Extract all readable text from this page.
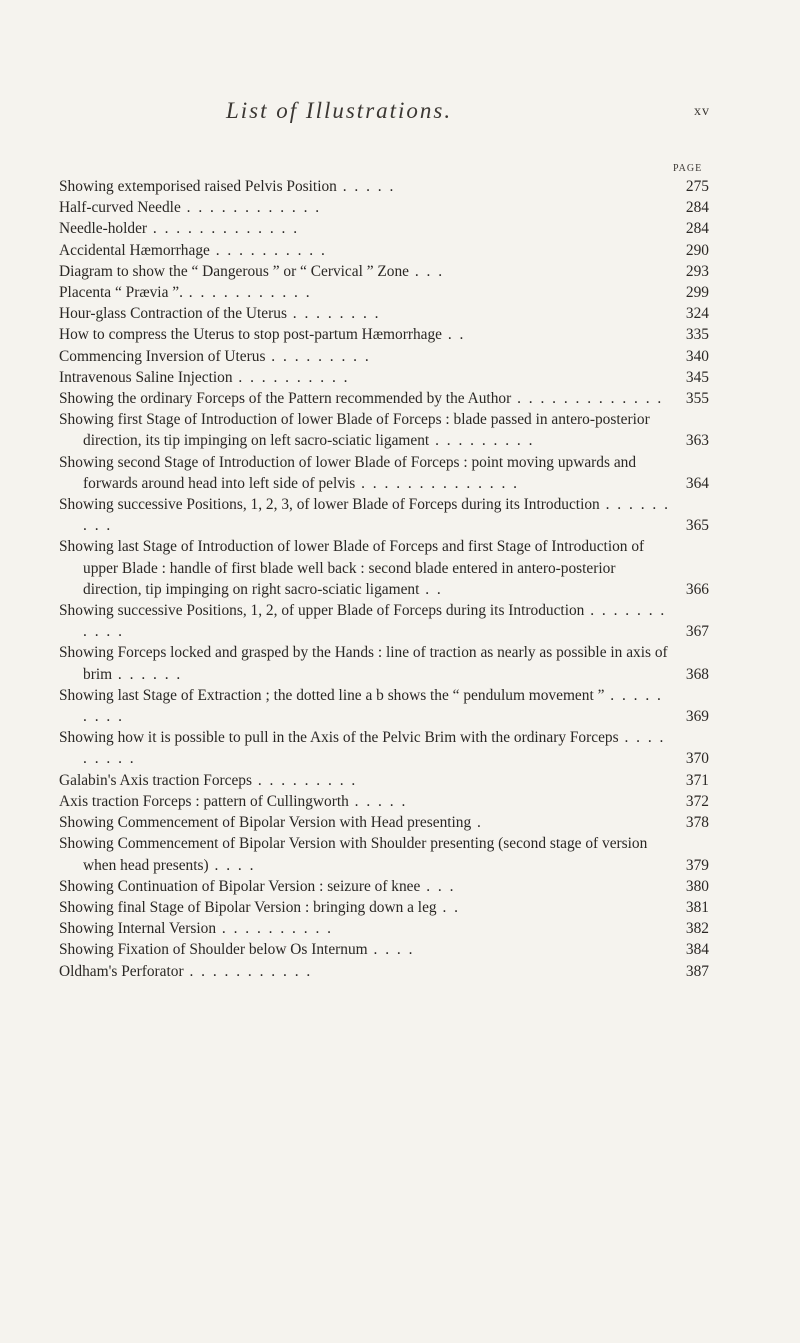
List of Illustrations.	xv
PAGE
Showing extemporised raised Pelvis Position . . . . .	275
Half-curved Needle . . . . . . . . . . . .	284
Needle-holder . . . . . . . . . . . . .	284
Accidental Hæmorrhage . . . . . . . . . .	290
Diagram to show the “ Dangerous ” or “ Cervical ” Zone . . .	293
Placenta “ Prævia ”. . . . . . . . . . . .	299
Hour-glass Contraction of the Uterus . . . . . . . .	324
How to compress the Uterus to stop post-partum Hæmorrhage . .	335
Commencing Inversion of Uterus . . . . . . . . .	340
Intravenous Saline Injection . . . . . . . . . .	345
Showing the ordinary Forceps of the Pattern recommended by the Author . . . . . . . . . . . . .	355
Showing first Stage of Introduction of lower Blade of Forceps : blade passed in antero-posterior direction, its tip impinging on left sacro-sciatic ligament . . . . . . . . .	363
Showing second Stage of Introduction of lower Blade of Forceps : point moving upwards and forwards around head into left side of pelvis . . . . . . . . . . . . . .	364
Showing successive Positions, 1, 2, 3, of lower Blade of Forceps during its Introduction . . . . . . . . .	365
Showing last Stage of Introduction of lower Blade of Forceps and first Stage of Introduction of upper Blade : handle of first blade well back : second blade entered in antero-posterior direction, tip impinging on right sacro-sciatic ligament . .	366
Showing successive Positions, 1, 2, of upper Blade of Forceps during its Introduction . . . . . . . . . . .	367
Showing Forceps locked and grasped by the Hands : line of traction as nearly as possible in axis of brim . . . . . .	368
Showing last Stage of Extraction ; the dotted line a b shows the “ pendulum movement ” . . . . . . . . .	369
Showing how it is possible to pull in the Axis of the Pelvic Brim with the ordinary Forceps . . . . . . . . .	370
Galabin's Axis traction Forceps . . . . . . . . .	371
Axis traction Forceps : pattern of Cullingworth . . . . .	372
Showing Commencement of Bipolar Version with Head presenting .	378
Showing Commencement of Bipolar Version with Shoulder presenting (second stage of version when head presents) . . . .	379
Showing Continuation of Bipolar Version : seizure of knee . . .	380
Showing final Stage of Bipolar Version : bringing down a leg . .	381
Showing Internal Version . . . . . . . . . .	382
Showing Fixation of Shoulder below Os Internum . . . .	384
Oldham's Perforator . . . . . . . . . . .	387
